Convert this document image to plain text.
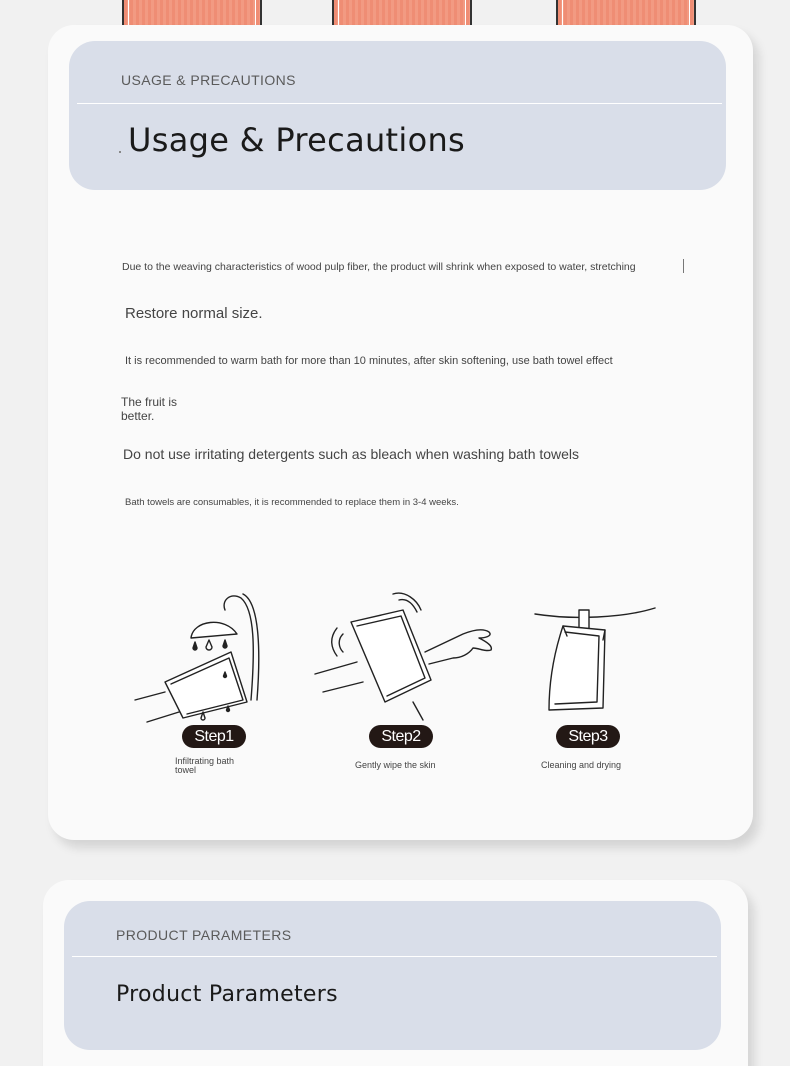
USAGE & PRECAUTIONS
Usage & Precautions
Due to the weaving characteristics of wood pulp fiber, the product will shrink when exposed to water, stretching
Restore normal size.
It is recommended to warm bath for more than 10 minutes, after skin softening, use bath towel effect
The fruit is better.
Do not use irritating detergents such as bleach when washing bath towels
Bath towels are consumables, it is recommended to replace them in 3-4 weeks.
Step1
Infiltrating bath towel
Step2
Gently wipe the skin
Step3
Cleaning and drying
PRODUCT PARAMETERS
Product Parameters
